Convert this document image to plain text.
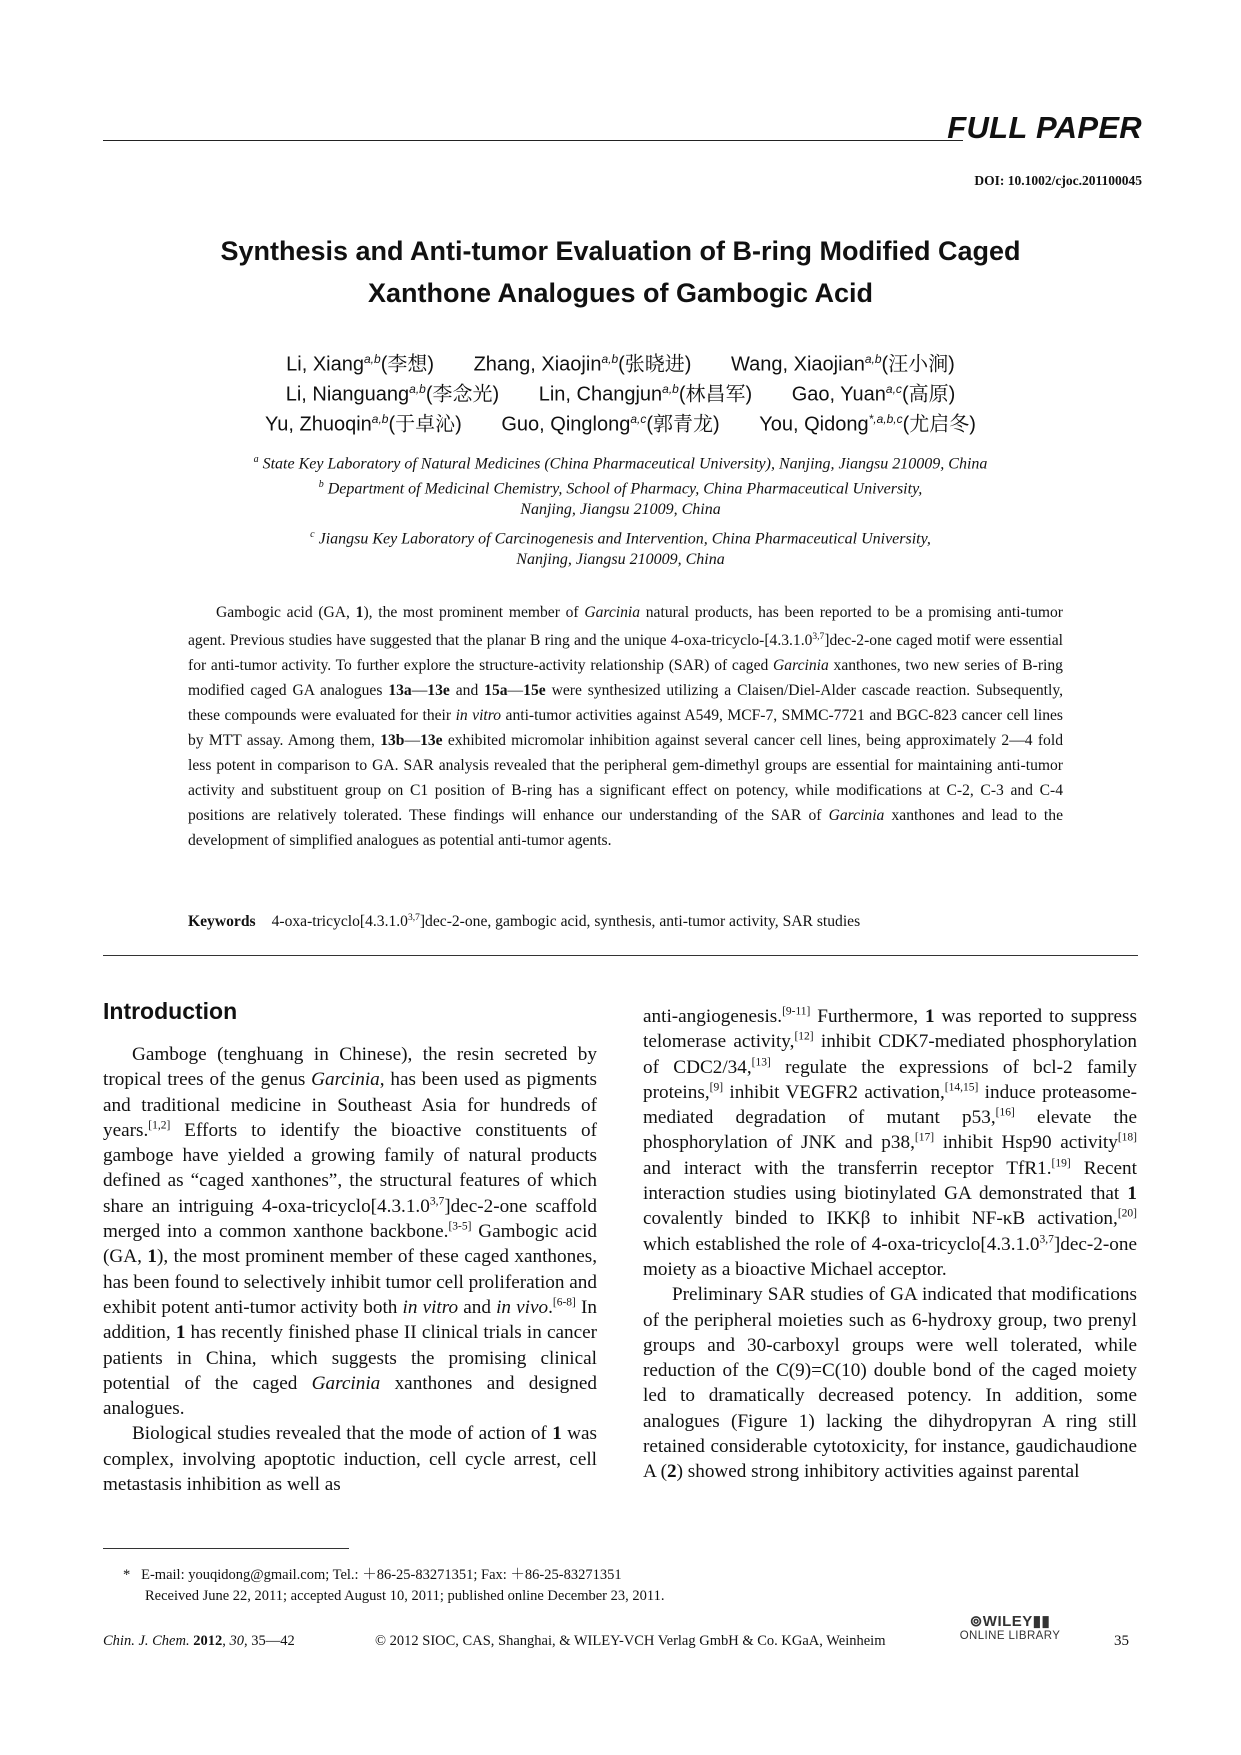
FULL PAPER
DOI: 10.1002/cjoc.201100045
Synthesis and Anti-tumor Evaluation of B-ring Modified Caged
Xanthone Analogues of Gambogic Acid
Li, Xiang$^{a,b}$(李想) Zhang, Xiaojin$^{a,b}$(张晓进) Wang, Xiaojian$^{a,b}$(汪小涧)
Li, Nianguang$^{a,b}$(李念光) Lin, Changjun$^{a,b}$(林昌军) Gao, Yuan$^{a,c}$(高原)
Yu, Zhuoqin$^{a,b}$(于卓沁) Guo, Qinglong$^{a,c}$(郭青龙) You, Qidong$^{*,a,b,c}$(尤启冬)
$^a$ State Key Laboratory of Natural Medicines (China Pharmaceutical University), Nanjing, Jiangsu 210009, China
$^b$ Department of Medicinal Chemistry, School of Pharmacy, China Pharmaceutical University,
Nanjing, Jiangsu 21009, China
$^c$ Jiangsu Key Laboratory of Carcinogenesis and Intervention, China Pharmaceutical University,
Nanjing, Jiangsu 210009, China
Gambogic acid (GA, 1), the most prominent member of Garcinia natural products, has been reported to be a promising anti-tumor agent. Previous studies have suggested that the planar B ring and the unique 4-oxa-tricyclo-[4.3.1.0$^{3,7}$]dec-2-one caged motif were essential for anti-tumor activity. To further explore the structure-activity relationship (SAR) of caged Garcinia xanthones, two new series of B-ring modified caged GA analogues 13a—13e and 15a—15e were synthesized utilizing a Claisen/Diel-Alder cascade reaction. Subsequently, these compounds were evaluated for their in vitro anti-tumor activities against A549, MCF-7, SMMC-7721 and BGC-823 cancer cell lines by MTT assay. Among them, 13b—13e exhibited micromolar inhibition against several cancer cell lines, being approximately 2—4 fold less potent in comparison to GA. SAR analysis revealed that the peripheral gem-dimethyl groups are essential for maintaining anti-tumor activity and substituent group on C1 position of B-ring has a significant effect on potency, while modifications at C-2, C-3 and C-4 positions are relatively tolerated. These findings will enhance our understanding of the SAR of Garcinia xanthones and lead to the development of simplified analogues as potential anti-tumor agents.
Keywords 4-oxa-tricyclo[4.3.1.0$^{3,7}$]dec-2-one, gambogic acid, synthesis, anti-tumor activity, SAR studies
Introduction

Gamboge (tenghuang in Chinese), the resin secreted by tropical trees of the genus Garcinia, has been used as pigments and traditional medicine in Southeast Asia for hundreds of years.[1,2] Efforts to identify the bioactive constituents of gamboge have yielded a growing family of natural products defined as “caged xanthones”, the structural features of which share an intriguing 4-oxa-tricyclo[4.3.1.0$^{3,7}$]dec-2-one scaffold merged into a common xanthone backbone.[3-5] Gambogic acid (GA, 1), the most prominent member of these caged xanthones, has been found to selectively inhibit tumor cell proliferation and exhibit potent anti-tumor activity both in vitro and in vivo.[6-8] In addition, 1 has recently finished phase II clinical trials in cancer patients in China, which suggests the promising clinical potential of the caged Garcinia xanthones and designed analogues.

Biological studies revealed that the mode of action of 1 was complex, involving apoptotic induction, cell cycle arrest, cell metastasis inhibition as well as

anti-angiogenesis.[9-11] Furthermore, 1 was reported to suppress telomerase activity,[12] inhibit CDK7-mediated phosphorylation of CDC2/34,[13] regulate the expressions of bcl-2 family proteins,[9] inhibit VEGFR2 activation,[14,15] induce proteasome-mediated degradation of mutant p53,[16] elevate the phosphorylation of JNK and p38,[17] inhibit Hsp90 activity[18] and interact with the transferrin receptor TfR1.[19] Recent interaction studies using biotinylated GA demonstrated that 1 covalently binded to IKKβ to inhibit NF-κB activation,[20] which established the role of 4-oxa-tricyclo[4.3.1.0$^{3,7}$]dec-2-one moiety as a bioactive Michael acceptor.

Preliminary SAR studies of GA indicated that modifications of the peripheral moieties such as 6-hydroxy group, two prenyl groups and 30-carboxyl groups were well tolerated, while reduction of the C(9)=C(10) double bond of the caged moiety led to dramatically decreased potency. In addition, some analogues (Figure 1) lacking the dihydropyran A ring still retained considerable cytotoxicity, for instance, gaudichaudione A (2) showed strong inhibitory activities against parental

* E-mail: youqidong@gmail.com; Tel.: ＋86-25-83271351; Fax: ＋86-25-83271351
Received June 22, 2011; accepted August 10, 2011; published online December 23, 2011.
Chin. J. Chem. 2012, 30, 35—42	© 2012 SIOC, CAS, Shanghai, & WILEY-VCH Verlag GmbH & Co. KGaA, Weinheim
⊚WILEY▮▮
ONLINE LIBRARY	35
